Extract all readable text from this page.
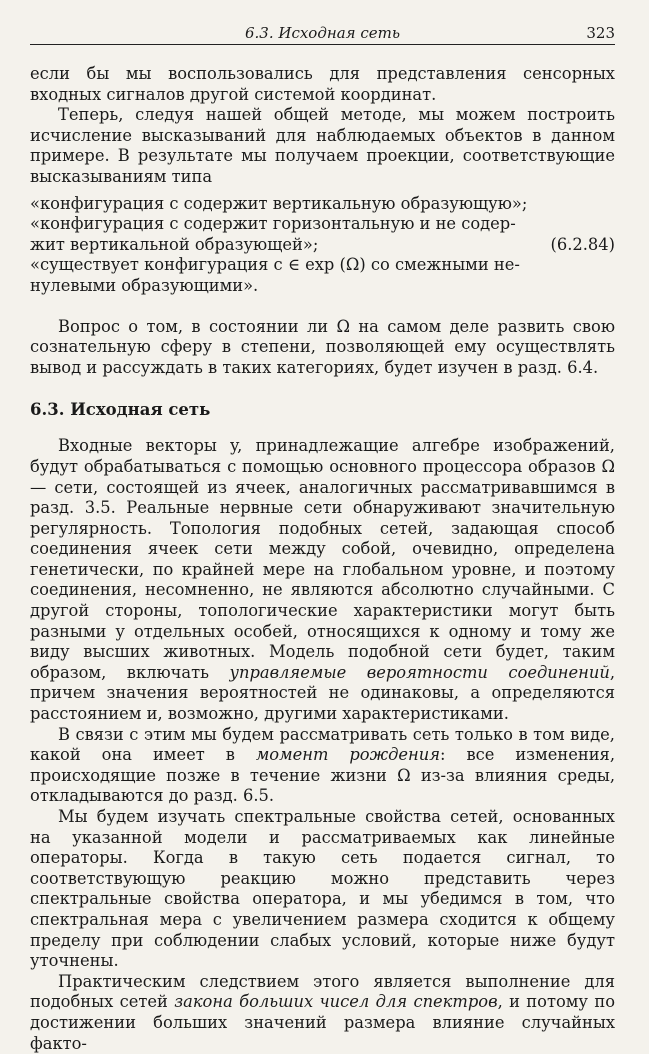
6.3. Исходная сеть	323

если бы мы воспользовались для представления сенсорных входных сигналов другой системой координат.

Теперь, следуя нашей общей методе, мы можем построить исчисление высказываний для наблюдаемых объектов в данном примере. В результате мы получаем проекции, соответствующие высказываниям типа

«конфигурация c содержит вертикальную образующую»;

«конфигурация c содержит горизонтальную и не содер-

жит вертикальной образующей»;	(6.2.84)

«существует конфигурация c ∈ exp (Ω) со смежными не-

нулевыми образующими».

Вопрос о том, в состоянии ли Ω на самом деле развить свою сознательную сферу в степени, позволяющей ему осуществлять вывод и рассуждать в таких категориях, будет изучен в разд. 6.4.

6.3. Исходная сеть

Входные векторы y, принадлежащие алгебре изображений, будут обрабатываться с помощью основного процессора образов Ω — сети, состоящей из ячеек, аналогичных рассматривавшимся в разд. 3.5. Реальные нервные сети обнаруживают значительную регулярность. Топология подобных сетей, задающая способ соединения ячеек сети между собой, очевидно, определена генетически, по крайней мере на глобальном уровне, и поэтому соединения, несомненно, не являются абсолютно случайными. С другой стороны, топологические характеристики могут быть разными у отдельных особей, относящихся к одному и тому же виду высших животных. Модель подобной сети будет, таким образом, включать управляемые вероятности соединений, причем значения вероятностей не одинаковы, а определяются расстоянием и, возможно, другими характеристиками.

В связи с этим мы будем рассматривать сеть только в том виде, какой она имеет в момент рождения: все изменения, происходящие позже в течение жизни Ω из-за влияния среды, откладываются до разд. 6.5.

Мы будем изучать спектральные свойства сетей, основанных на указанной модели и рассматриваемых как линейные операторы. Когда в такую сеть подается сигнал, то соответствующую реакцию можно представить через спектральные свойства оператора, и мы убедимся в том, что спектральная мера с увеличением размера сходится к общему пределу при соблюдении слабых условий, которые ниже будут уточнены.

Практическим следствием этого является выполнение для подобных сетей закона больших чисел для спектров, и потому по достижении больших значений размера влияние случайных факто-
